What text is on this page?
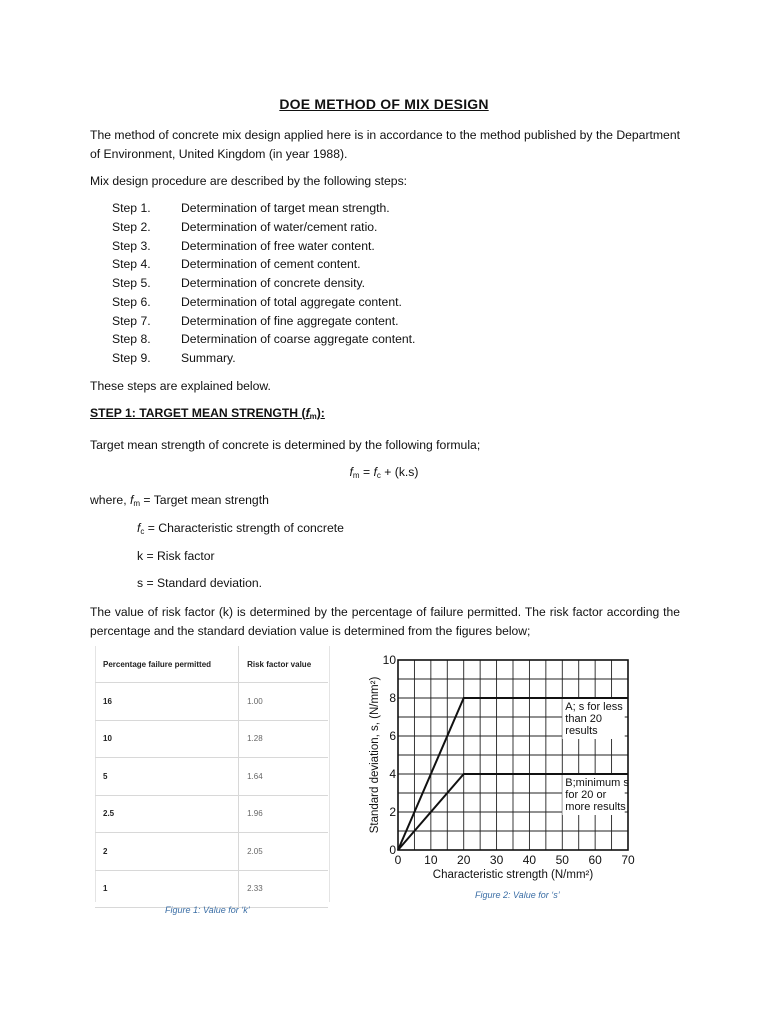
DOE METHOD OF MIX DESIGN
The method of concrete mix design applied here is in accordance to the method published by the Department of Environment, United Kingdom (in year 1988).
Mix design procedure are described by the following steps:
Step 1. Determination of target mean strength.
Step 2. Determination of water/cement ratio.
Step 3. Determination of free water content.
Step 4. Determination of cement content.
Step 5. Determination of concrete density.
Step 6. Determination of total aggregate content.
Step 7. Determination of fine aggregate content.
Step 8. Determination of coarse aggregate content.
Step 9. Summary.
These steps are explained below.
STEP 1: TARGET MEAN STRENGTH $(f_m)$:
Target mean strength of concrete is determined by the following formula;
$f_m = f_c + (k.s)$
where, $f_m$ = Target mean strength
$f_c$ = Characteristic strength of concrete
k = Risk factor
s = Standard deviation.
The value of risk factor (k) is determined by the percentage of failure permitted. The risk factor according the percentage and the standard deviation value is determined from the figures below;
Percentage failure permitted	Risk factor value
16	1.00
10	1.28
5	1.64
2.5	1.96
2	2.05
1	2.33
Figure 1: Value for ‘k’
0 10 20 30 40 50 60 70
0
2
4
6
8
10
Characteristic strength (N/mm²)
Standard deviation, s, (N/mm²)	A; s for less
than 20
results
B;minimum s
for 20 or
more results
Figure 2: Value for ‘s’
